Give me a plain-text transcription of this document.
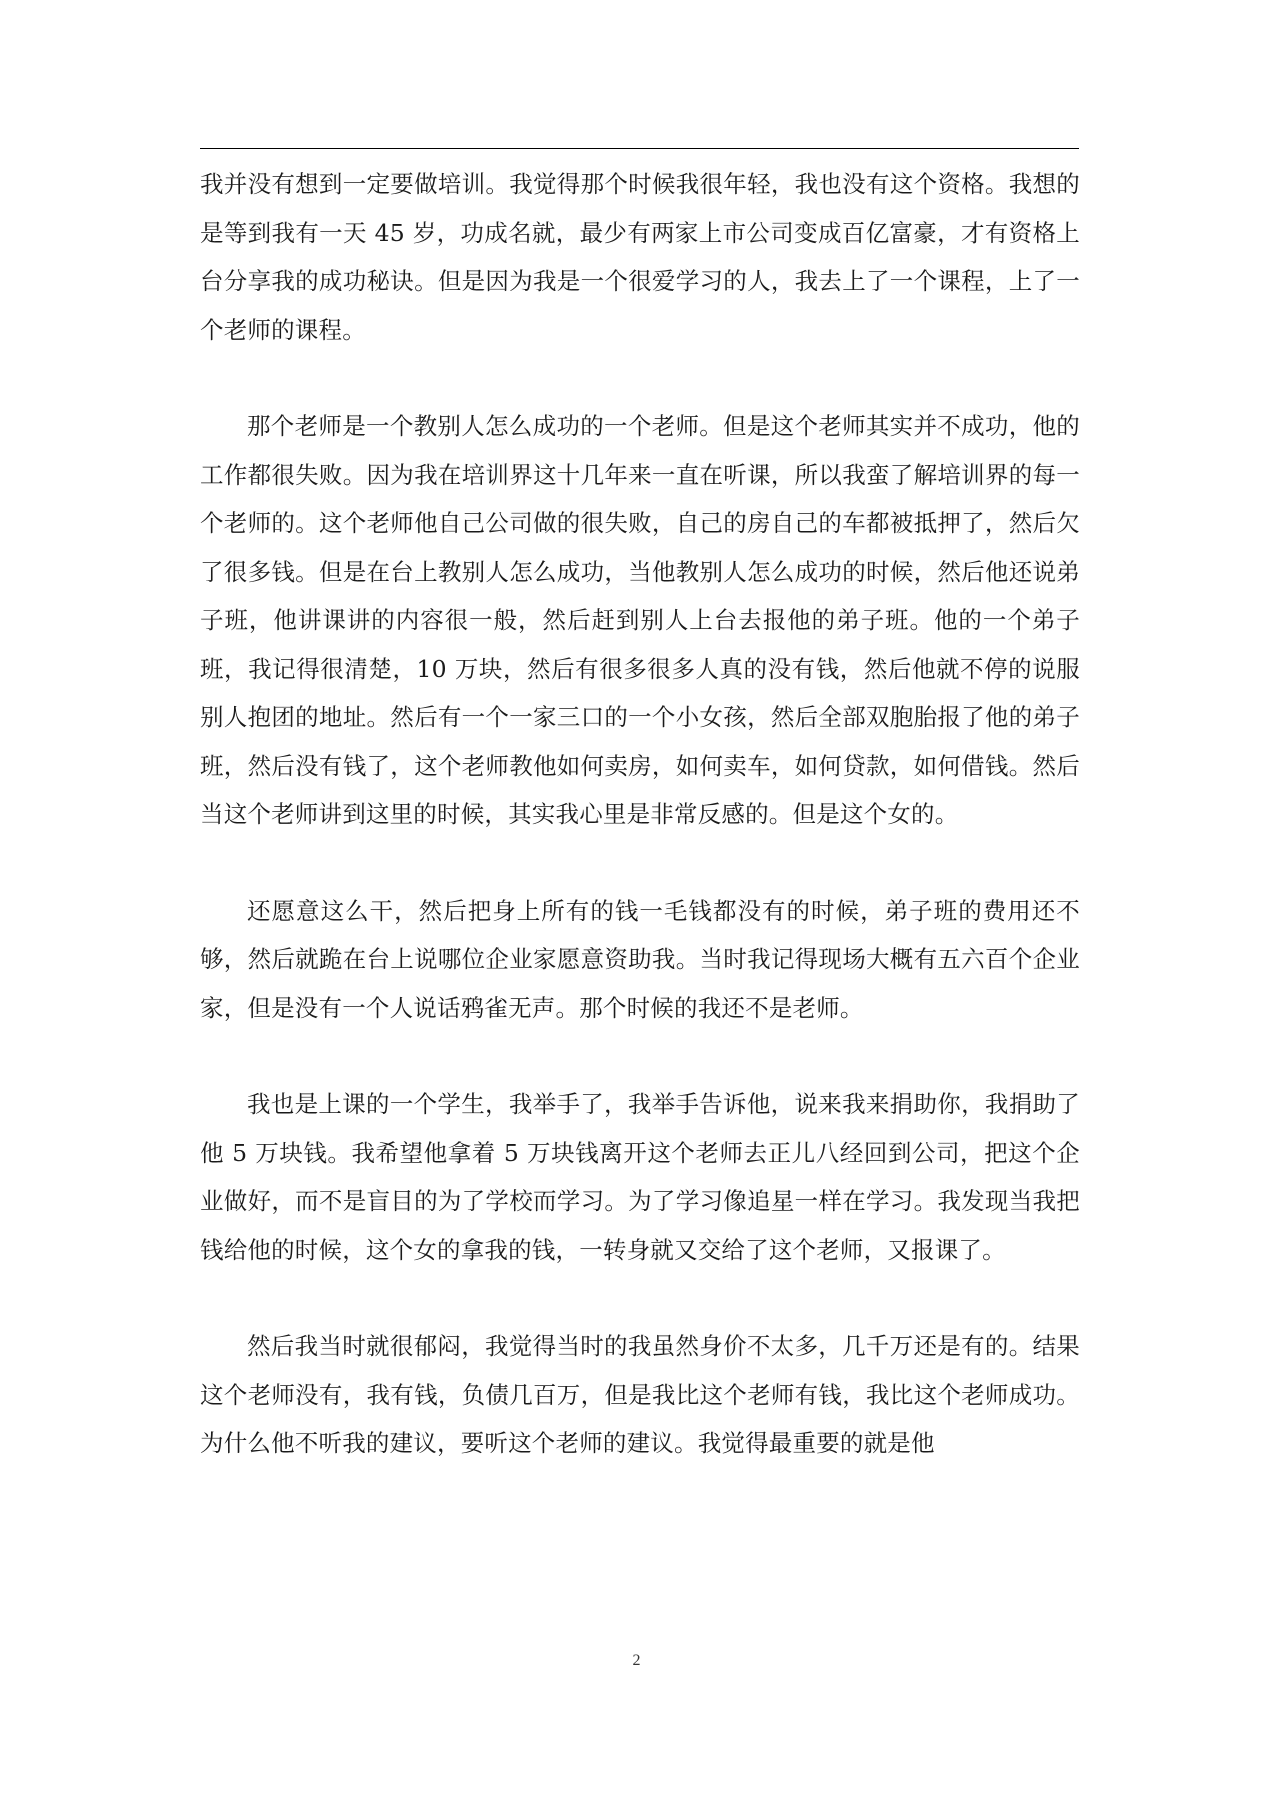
我并没有想到一定要做培训。我觉得那个时候我很年轻，我也没有这个资格。我想的是等到我有一天 45 岁，功成名就，最少有两家上市公司变成百亿富豪，才有资格上台分享我的成功秘诀。但是因为我是一个很爱学习的人，我去上了一个课程，上了一个老师的课程。

那个老师是一个教别人怎么成功的一个老师。但是这个老师其实并不成功，他的工作都很失败。因为我在培训界这十几年来一直在听课，所以我蛮了解培训界的每一个老师的。这个老师他自己公司做的很失败，自己的房自己的车都被抵押了，然后欠了很多钱。但是在台上教别人怎么成功，当他教别人怎么成功的时候，然后他还说弟子班，他讲课讲的内容很一般，然后赶到别人上台去报他的弟子班。他的一个弟子班，我记得很清楚，10 万块，然后有很多很多人真的没有钱，然后他就不停的说服别人抱团的地址。然后有一个一家三口的一个小女孩，然后全部双胞胎报了他的弟子班，然后没有钱了，这个老师教他如何卖房，如何卖车，如何贷款，如何借钱。然后当这个老师讲到这里的时候，其实我心里是非常反感的。但是这个女的。

还愿意这么干，然后把身上所有的钱一毛钱都没有的时候，弟子班的费用还不够，然后就跪在台上说哪位企业家愿意资助我。当时我记得现场大概有五六百个企业家，但是没有一个人说话鸦雀无声。那个时候的我还不是老师。

我也是上课的一个学生，我举手了，我举手告诉他，说来我来捐助你，我捐助了他 5 万块钱。我希望他拿着 5 万块钱离开这个老师去正儿八经回到公司，把这个企业做好，而不是盲目的为了学校而学习。为了学习像追星一样在学习。我发现当我把钱给他的时候，这个女的拿我的钱，一转身就又交给了这个老师，又报课了。

然后我当时就很郁闷，我觉得当时的我虽然身价不太多，几千万还是有的。结果这个老师没有，我有钱，负债几百万，但是我比这个老师有钱，我比这个老师成功。为什么他不听我的建议，要听这个老师的建议。我觉得最重要的就是他

2
